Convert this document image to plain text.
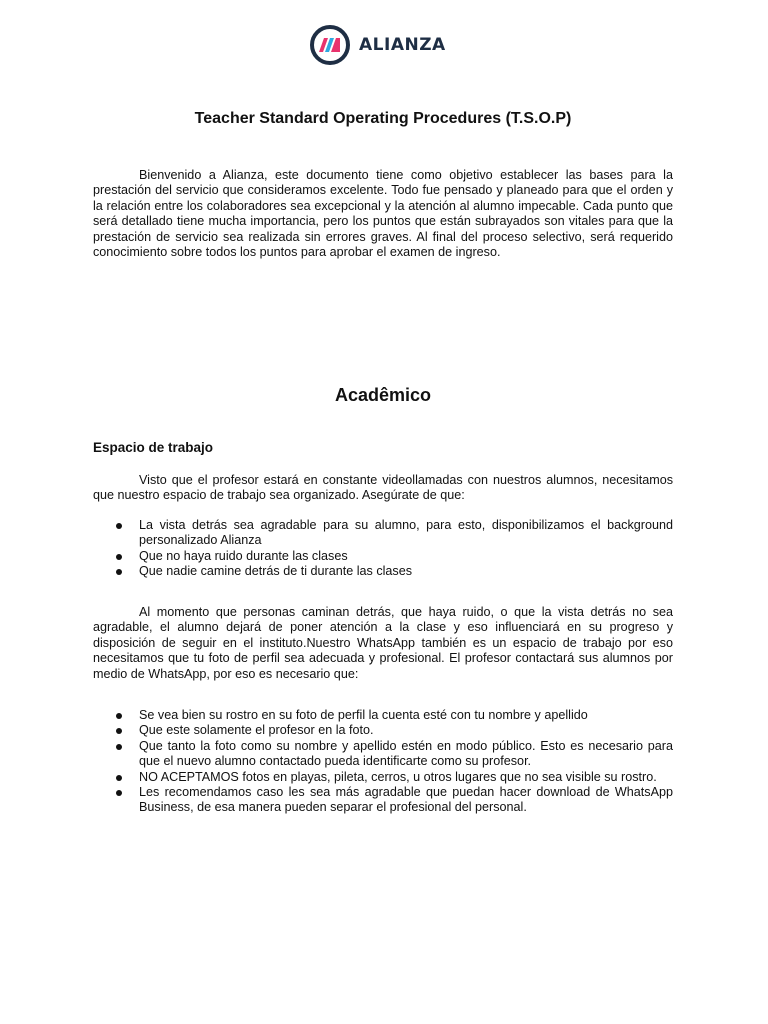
ALIANZA
Teacher Standard Operating Procedures (T.S.O.P)

Bienvenido a Alianza, este documento tiene como objetivo establecer las bases para la prestación del servicio que consideramos excelente. Todo fue pensado y planeado para que el orden y la relación entre los colaboradores sea excepcional y la atención al alumno impecable. Cada punto que será detallado tiene mucha importancia, pero los puntos que están subrayados son vitales para que la prestación de servicio sea realizada sin errores graves. Al final del proceso selectivo, será requerido conocimiento sobre todos los puntos para aprobar el examen de ingreso.

Acadêmico
Espacio de trabajo

Visto que el profesor estará en constante videollamadas con nuestros alumnos, necesitamos que nuestro espacio de trabajo sea organizado. Asegúrate de que:

La vista detrás sea agradable para su alumno, para esto, disponibilizamos el background personalizado Alianza
Que no haya ruido durante las clases
Que nadie camine detrás de ti durante las clases

Al momento que personas caminan detrás, que haya ruido, o que la vista detrás no sea agradable, el alumno dejará de poner atención a la clase y eso influenciará en su progreso y disposición de seguir en el instituto.Nuestro WhatsApp también es un espacio de trabajo por eso necesitamos que tu foto de perfil sea adecuada y profesional. El profesor contactará sus alumnos por medio de WhatsApp, por eso es necesario que:

Se vea bien su rostro en su foto de perfil la cuenta esté con tu nombre y apellido
Que este solamente el profesor en la foto.
Que tanto la foto como su nombre y apellido estén en modo público. Esto es necesario para que el nuevo alumno contactado pueda identificarte como su profesor.
NO ACEPTAMOS fotos en playas, pileta, cerros, u otros lugares que no sea visible su rostro.
Les recomendamos caso les sea más agradable que puedan hacer download de WhatsApp Business, de esa manera pueden separar el profesional del personal.
